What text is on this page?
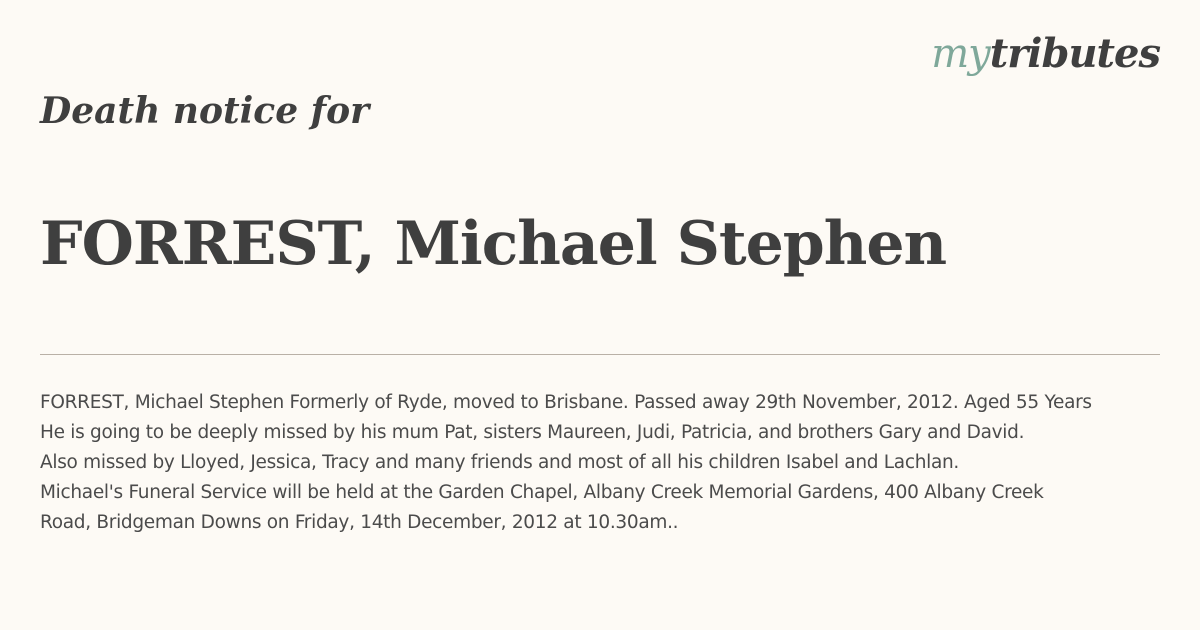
mytributes
Death notice for
FORREST, Michael Stephen

FORREST, Michael Stephen Formerly of Ryde, moved to Brisbane. Passed away 29th November, 2012. Aged 55 Years
He is going to be deeply missed by his mum Pat, sisters Maureen, Judi, Patricia, and brothers Gary and David.
Also missed by Lloyed, Jessica, Tracy and many friends and most of all his children Isabel and Lachlan.
Michael's Funeral Service will be held at the Garden Chapel, Albany Creek Memorial Gardens, 400 Albany Creek
Road, Bridgeman Downs on Friday, 14th December, 2012 at 10.30am..
